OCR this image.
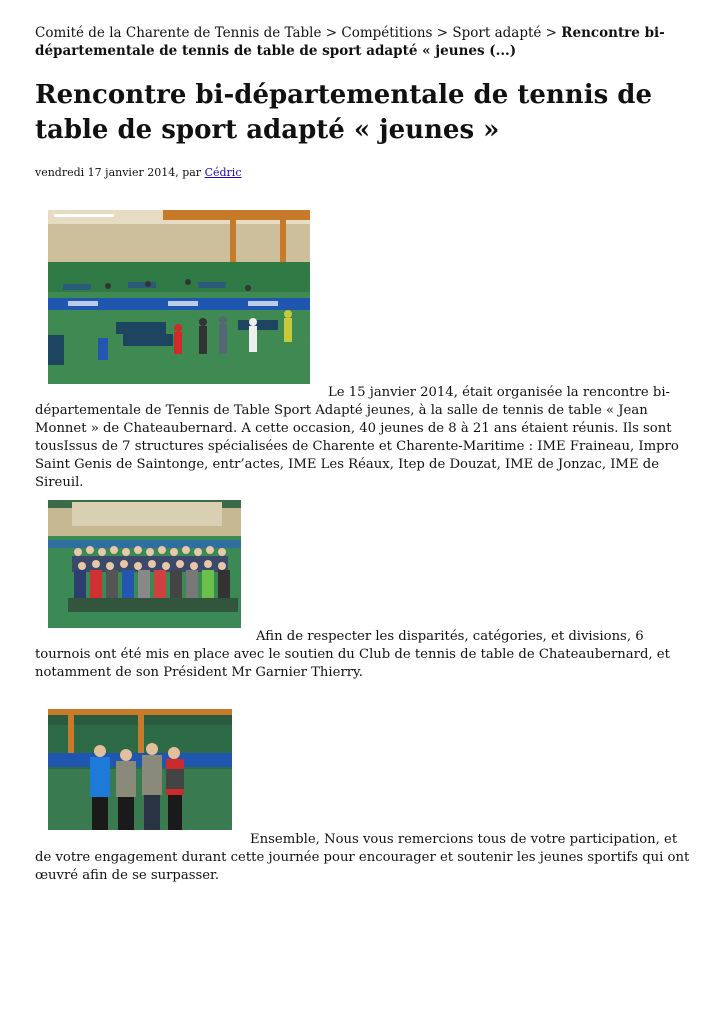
Comité de la Charente de Tennis de Table > Compétitions > Sport adapté > Rencontre bi-départementale de tennis de table de sport adapté « jeunes (...)
Rencontre bi-départementale de tennis de table de sport adapté « jeunes »
vendredi 17 janvier 2014, par Cédric
Le 15 janvier 2014, était organisée la rencontre bi-départementale de Tennis de Table Sport Adapté jeunes, à la salle de tennis de table « Jean Monnet » de Chateaubernard. A cette occasion, 40 jeunes de 8 à 21 ans étaient réunis. Ils sont tousIssus de 7 structures spécialisées de Charente et Charente-Maritime : IME Fraineau, Impro Saint Genis de Saintonge, entr’actes, IME Les Réaux, Itep de Douzat, IME de Jonzac, IME de Sireuil.
Afin de respecter les disparités, catégories, et divisions, 6 tournois ont été mis en place avec le soutien du Club de tennis de table de Chateaubernard, et notamment de son Président Mr Garnier Thierry.
Ensemble, Nous vous remercions tous de votre participation, et de votre engagement durant cette journée pour encourager et soutenir les jeunes sportifs qui ont œuvré afin de se surpasser.
